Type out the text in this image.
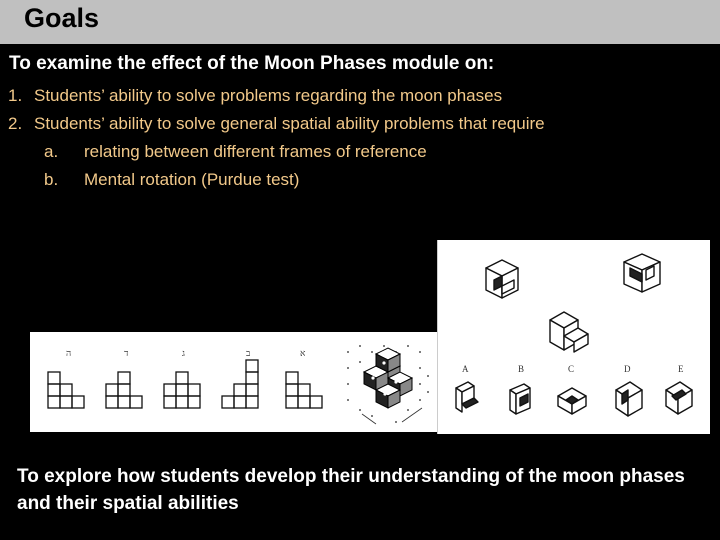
Goals
To examine the effect of the Moon Phases module on:
1. Students’ ability to solve problems regarding the moon phases
2. Students’ ability to solve general spatial ability problems that require
a. relating between different frames of reference
b. Mental rotation (Purdue test)
ה	ד	ג	ב	א
A	B	C	D	E
To explore how students develop their understanding of the moon phases and their spatial abilities
